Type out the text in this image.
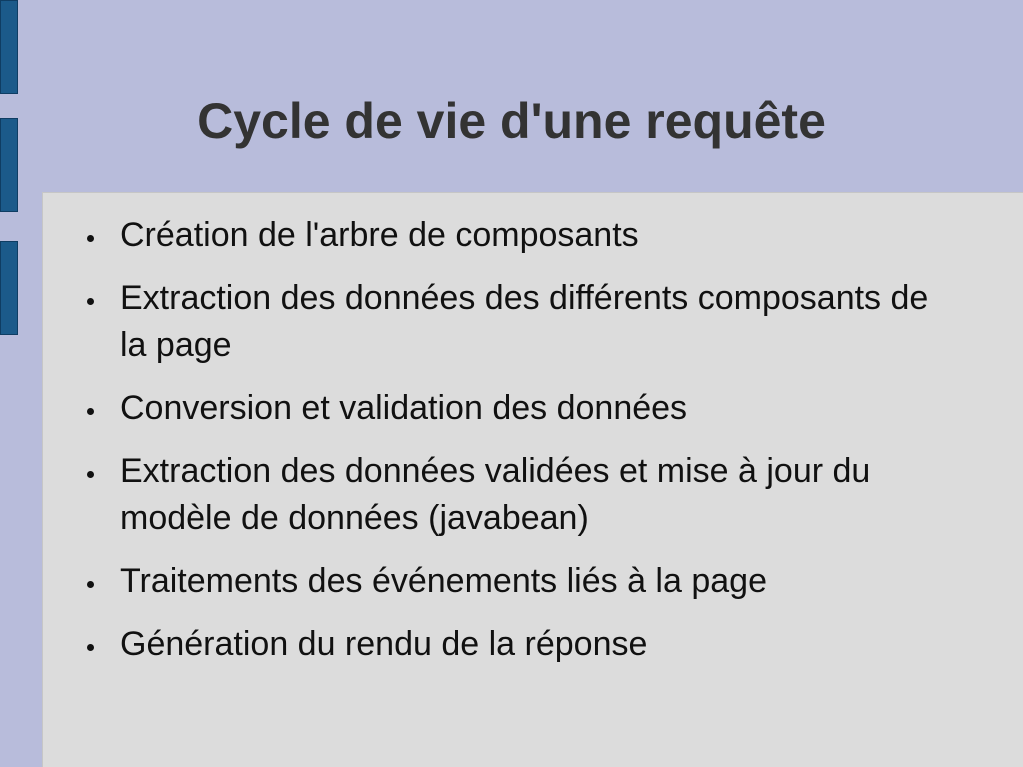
Cycle de vie d'une requête
Création de l'arbre de composants
Extraction des données des différents composants de la page
Conversion et validation des données
Extraction des données validées et mise à jour du modèle de données (javabean)
Traitements des événements liés à la page
Génération du rendu de la réponse
